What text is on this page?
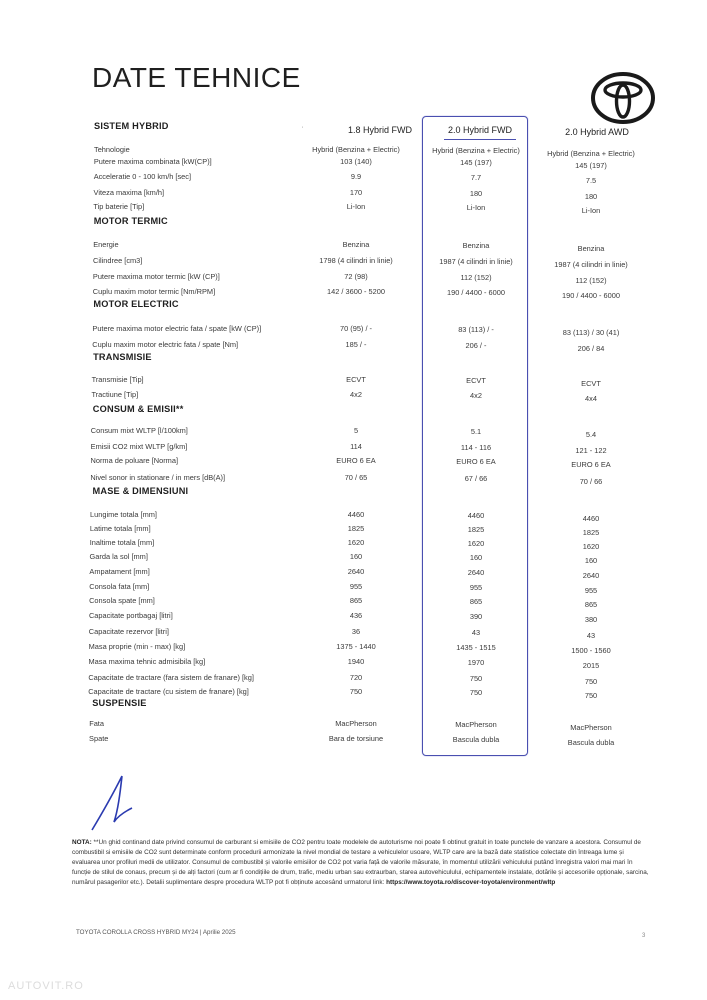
DATE TEHNICE
'	1.8 Hybrid FWD	2.0 Hybrid FWD	2.0 Hybrid AWD
SISTEM HYBRID
Tehnologie	Hybrid (Benzina + Electric)	Hybrid (Benzina + Electric)	Hybrid (Benzina + Electric)
Putere maxima combinata [kW(CP)]	103 (140)	145 (197)	145 (197)
Acceleratie 0 - 100 km/h [sec]	9.9	7.7	7.5
Viteza maxima [km/h]	170	180	180
Tip baterie [Tip]	Li-Ion	Li-Ion	Li-Ion
MOTOR TERMIC
Energie	Benzina	Benzina	Benzina
Cilindree [cm3]	1798 (4 cilindri in linie)	1987 (4 cilindri in linie)	1987 (4 cilindri in linie)
Putere maxima motor termic [kW (CP)]	72 (98)	112 (152)	112 (152)
Cuplu maxim motor termic [Nm/RPM]	142 / 3600 - 5200	190 / 4400 - 6000	190 / 4400 - 6000
MOTOR ELECTRIC
Putere maxima motor electric fata / spate [kW (CP)]	70 (95) / -	83 (113) / -	83 (113) / 30 (41)
Cuplu maxim motor electric fata / spate [Nm]	185 / -	206 / -	206 / 84
TRANSMISIE
Transmisie [Tip]	ECVT	ECVT	ECVT
Tractiune [Tip]	4x2	4x2	4x4
CONSUM & EMISII**
Consum mixt WLTP [l/100km]	5	5.1	5.4
Emisii CO2 mixt WLTP [g/km]	114	114 - 116	121 - 122
Norma de poluare [Norma]	EURO 6 EA	EURO 6 EA	EURO 6 EA
Nivel sonor in stationare / in mers [dB(A)]	70 / 65	67 / 66	70 / 66
MASE & DIMENSIUNI
Lungime totala [mm]	4460	4460	4460
Latime totala [mm]	1825	1825	1825
Inaltime totala [mm]	1620	1620	1620
Garda la sol [mm]	160	160	160
Ampatament [mm]	2640	2640	2640
Consola fata [mm]	955	955	955
Consola spate [mm]	865	865	865
Capacitate portbagaj [litri]	436	390	380
Capacitate rezervor [litri]	36	43	43
Masa proprie (min - max) [kg]	1375 - 1440	1435 - 1515	1500 - 1560
Masa maxima tehnic admisibila [kg]	1940	1970	2015
Capacitate de tractare (fara sistem de franare) [kg]	720	750	750
Capacitate de tractare (cu sistem de franare) [kg]	750	750	750
SUSPENSIE
Fata	MacPherson	MacPherson	MacPherson
Spate	Bara de torsiune	Bascula dubla	Bascula dubla
NOTA: **Un ghid continand date privind consumul de carburant si emisiile de CO2 pentru toate modelele de autoturisme noi poate fi obtinut gratuit in toate punctele de vanzare a acestora. Consumul de combustibil si emisiile de CO2 sunt determinate conform procedurii armonizate la nivel mondial de testare a vehiculelor usoare, WLTP care are la bază date statistice colectate din întreaga lume și evaluarea unor profiluri medii de utilizator. Consumul de combustibil și valorile emisiilor de CO2 pot varia față de valorile măsurate, în momentul utilizării vehiculului putând înregistra valori mai mari în funcție de stilul de conaus, precum și de alți factori (cum ar fi condițiile de drum, trafic, mediu urban sau extraurban, starea autovehiculului, echipamentele instalate, dotările și accesoriile opționale, sarcina, numărul pasagerilor etc.). Detalii suplimentare despre procedura WLTP pot fi obținute accesând urmatorul link: https://www.toyota.ro/discover-toyota/environment/wltp
TOYOTA COROLLA CROSS HYBRID MY24 | Aprilie 2025	3
AUTOVIT.RO
